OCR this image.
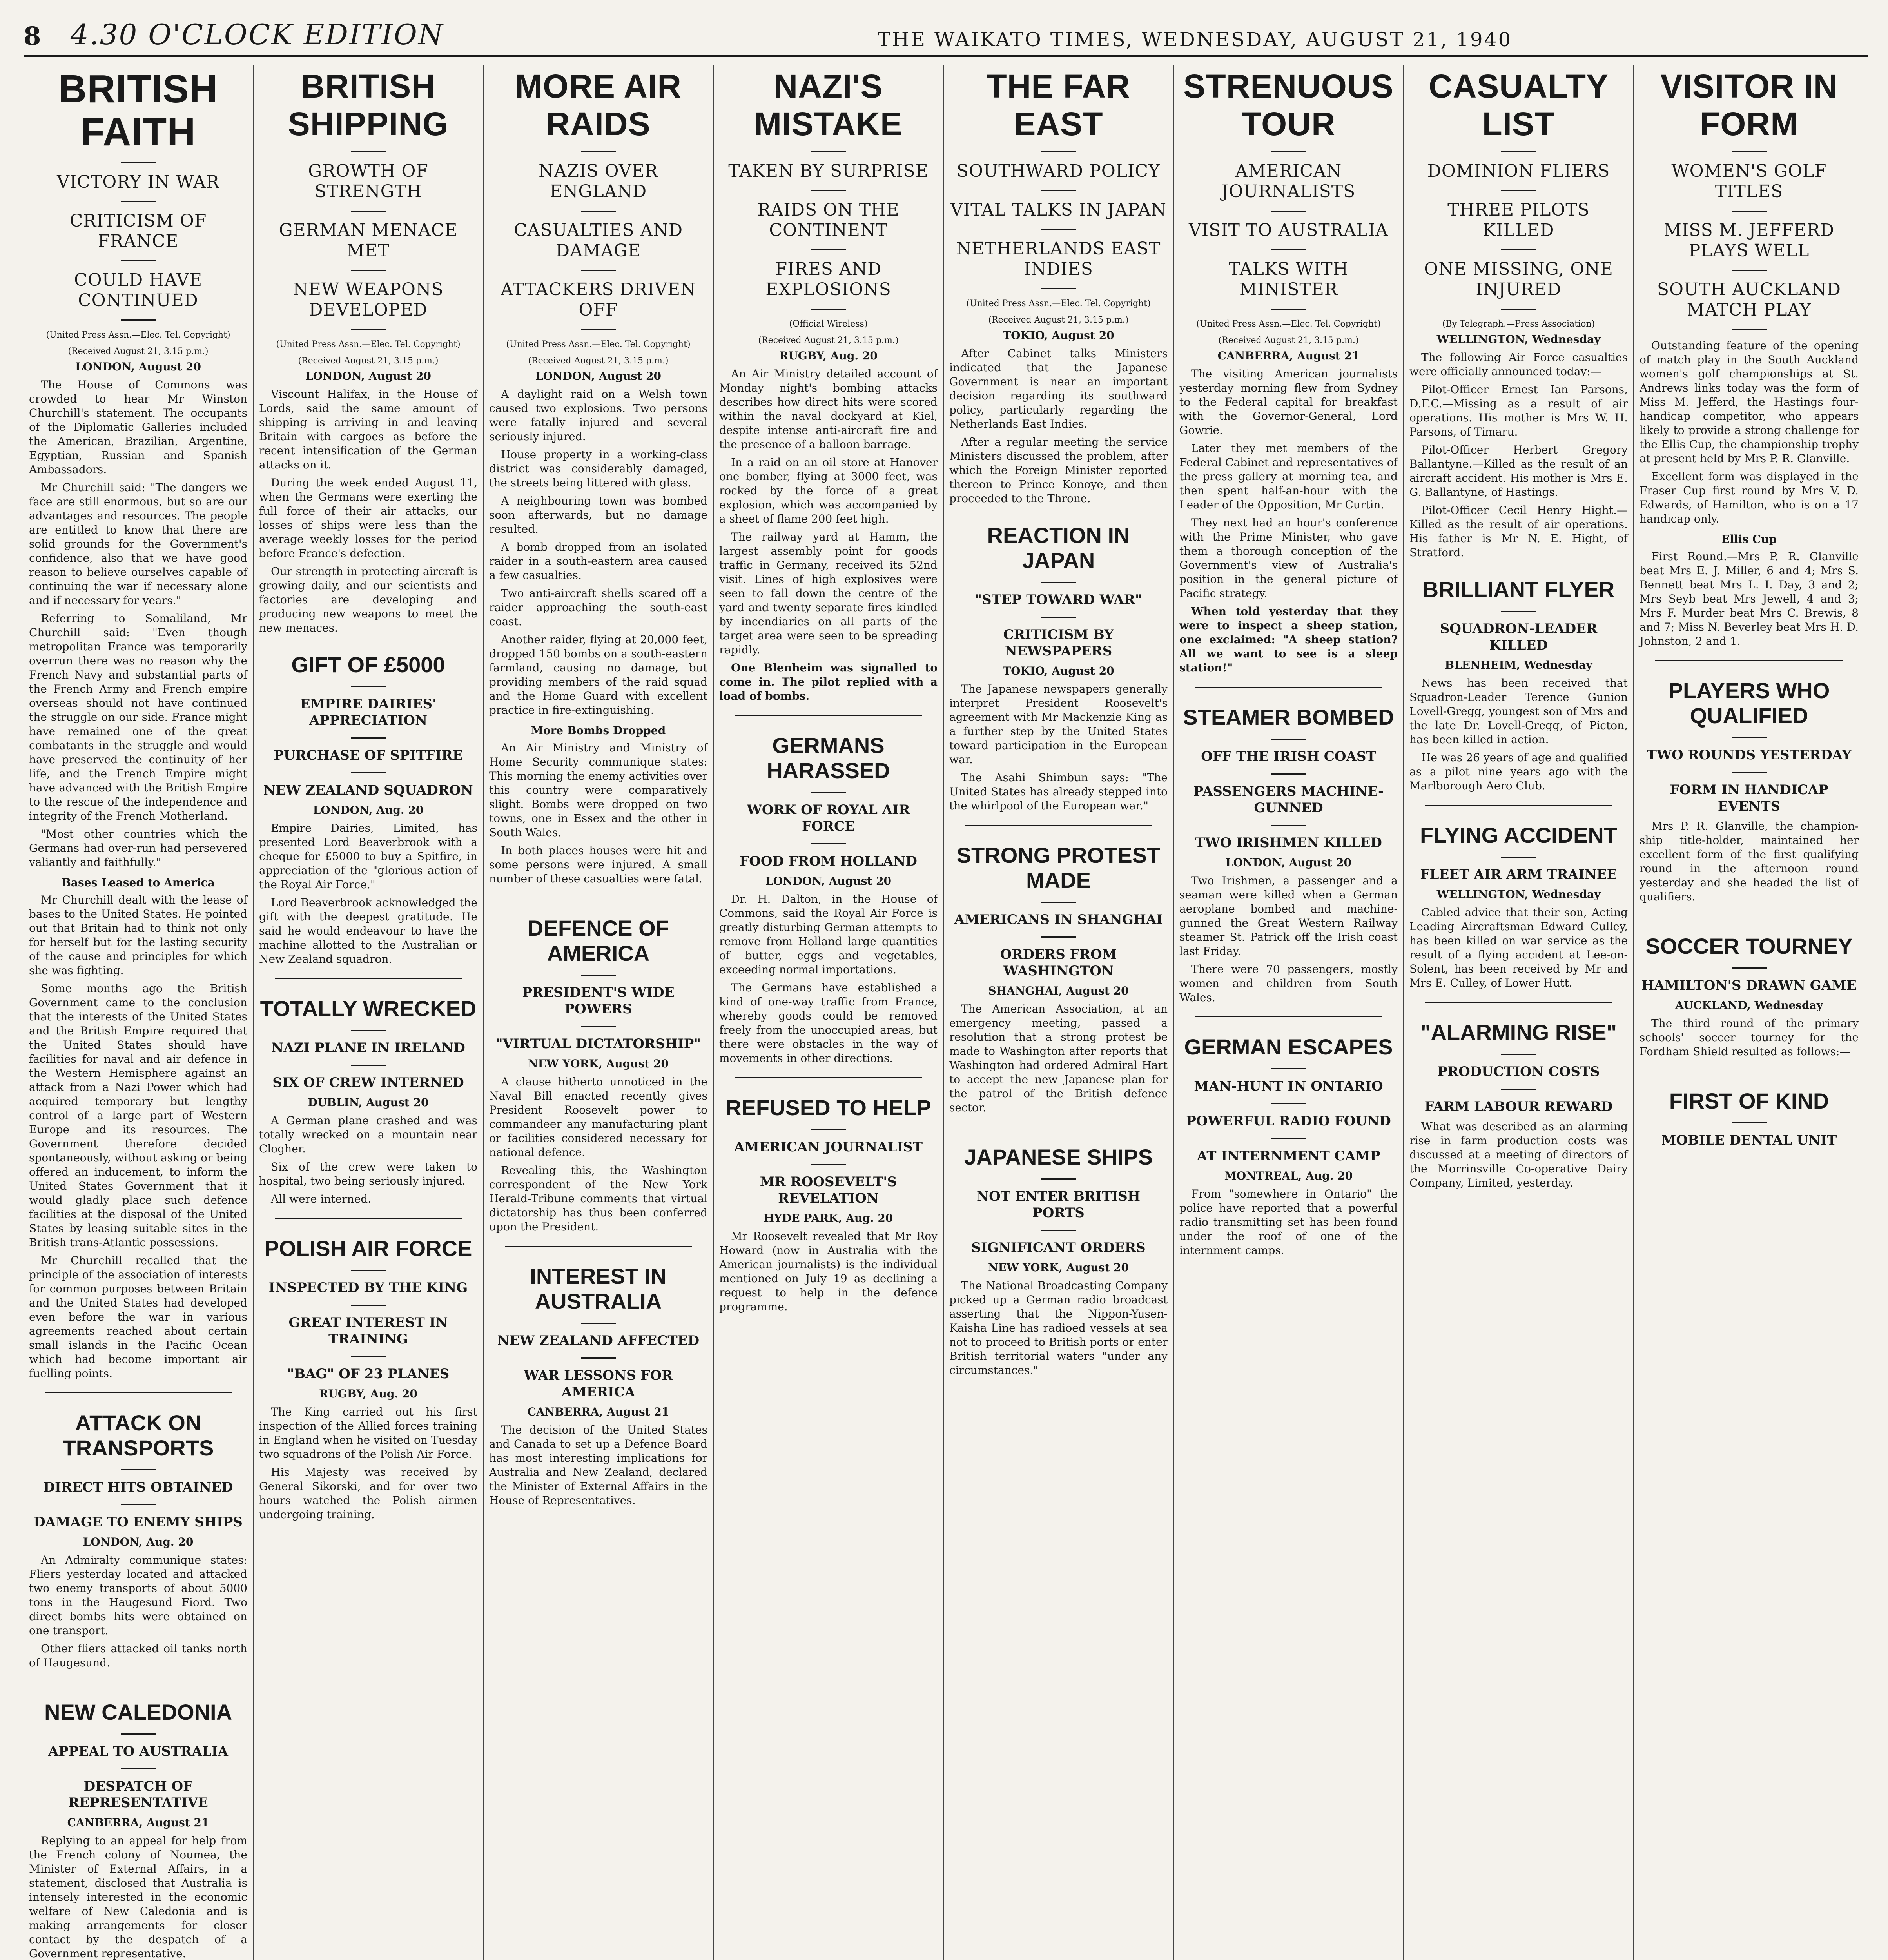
8	4.30 O'CLOCK EDITION	THE WAIKATO TIMES, WEDNESDAY, AUGUST 21, 1940
BRITISH FAITH
VICTORY IN WAR
CRITICISM OF FRANCE
COULD HAVE CONTINUED
(United Press Assn.—Elec. Tel. Copyright)
(Received August 21, 3.15 p.m.)
LONDON, August 20

The House of Commons was crowded to hear Mr Winston Churchill's statement. The occupants of the Diplomatic Galleries included the American, Brazilian, Argentine, Egyptian, Russian and Spanish Ambassadors.

Mr Churchill said: "The dangers we face are still enormous, but so are our advantages and resources. The people are entitled to know that there are solid grounds for the Government's confidence, also that we have good reason to believe ourselves capable of continuing the war if necessary alone and if necessary for years."

Referring to Somaliland, Mr Churchill said: "Even though metropolitan France was temporarily overrun there was no reason why the French Navy and substantial parts of the French Army and French empire overseas should not have continued the struggle on our side. France might have remained one of the great combatants in the struggle and would have preserved the continuity of her life, and the French Empire might have advanced with the British Empire to the rescue of the independence and integrity of the French Motherland.

"Most other countries which the Germans had over-run had persevered valiantly and faithfully."

Bases Leased to America

Mr Churchill dealt with the lease of bases to the United States. He pointed out that Britain had to think not only for herself but for the lasting security of the cause and principles for which she was fighting.

Some months ago the British Government came to the conclusion that the interests of the United States and the British Empire required that the United States should have facilities for naval and air defence in the Western Hemisphere against an attack from a Nazi Power which had acquired temporary but lengthy control of a large part of Western Europe and its resources. The Government therefore decided spontaneously, without asking or being offered an inducement, to inform the United States Government that it would gladly place such defence facilities at the disposal of the United States by leasing suitable sites in the British trans-Atlantic possessions.

Mr Churchill recalled that the principle of the association of interests for common purposes between Britain and the United States had developed even before the war in various agreements reached about certain small islands in the Pacific Ocean which had become important air fuelling points.

ATTACK ON TRANSPORTS
DIRECT HITS OBTAINED
DAMAGE TO ENEMY SHIPS
LONDON, Aug. 20

An Admiralty communique states: Fliers yesterday located and attacked two enemy transports of about 5000 tons in the Haugesund Fiord. Two direct bombs hits were obtained on one transport.

Other fliers attacked oil tanks north of Haugesund.

NEW CALEDONIA
APPEAL TO AUSTRALIA
DESPATCH OF REPRESENTATIVE
CANBERRA, August 21

Replying to an appeal for help from the French colony of Noumea, the Minister of External Affairs, in a statement, disclosed that Australia is intensely interested in the economic welfare of New Caledonia and is making arrangements for closer contact by the despatch of a Government representative.

BRITISH SHIPPING
GROWTH OF STRENGTH
GERMAN MENACE MET
NEW WEAPONS DEVELOPED
(United Press Assn.—Elec. Tel. Copyright)
(Received August 21, 3.15 p.m.)
LONDON, August 20

Viscount Halifax, in the House of Lords, said the same amount of shipping is arriving in and leaving Britain with cargoes as before the recent intensification of the German attacks on it.

During the week ended August 11, when the Germans were exerting the full force of their air attacks, our losses of ships were less than the average weekly losses for the period before France's defection.

Our strength in protecting aircraft is growing daily, and our scientists and factories are developing and producing new weapons to meet the new menaces.

GIFT OF £5000
EMPIRE DAIRIES' APPRECIATION
PURCHASE OF SPITFIRE
NEW ZEALAND SQUADRON
LONDON, Aug. 20

Empire Dairies, Limited, has presented Lord Beaverbrook with a cheque for £5000 to buy a Spitfire, in appreciation of the "glorious action of the Royal Air Force."

Lord Beaverbrook acknowledged the gift with the deepest gratitude. He said he would endeavour to have the machine allotted to the Australian or New Zealand squadron.

TOTALLY WRECKED
NAZI PLANE IN IRELAND
SIX OF CREW INTERNED
DUBLIN, August 20

A German plane crashed and was totally wrecked on a mountain near Clogher.

Six of the crew were taken to hospital, two being seriously injured.

All were interned.

POLISH AIR FORCE
INSPECTED BY THE KING
GREAT INTEREST IN TRAINING
"BAG" OF 23 PLANES
RUGBY, Aug. 20

The King carried out his first inspection of the Allied forces training in England when he visited on Tuesday two squadrons of the Polish Air Force.

His Majesty was received by General Sikorski, and for over two hours watched the Polish airmen undergoing training.

MORE AIR RAIDS
NAZIS OVER ENGLAND
CASUALTIES AND DAMAGE
ATTACKERS DRIVEN OFF
(United Press Assn.—Elec. Tel. Copyright)
(Received August 21, 3.15 p.m.)
LONDON, August 20

A daylight raid on a Welsh town caused two explosions. Two persons were fatally injured and several seriously injured.

House property in a working-class district was considerably damaged, the streets being littered with glass.

A neighbouring town was bombed soon afterwards, but no damage resulted.

A bomb dropped from an isolated raider in a south-eastern area caused a few casualties.

Two anti-aircraft shells scared off a raider approaching the south-east coast.

Another raider, flying at 20,000 feet, dropped 150 bombs on a south-eastern farmland, causing no damage, but providing members of the raid squad and the Home Guard with excellent practice in fire-extinguishing.

More Bombs Dropped

An Air Ministry and Ministry of Home Security communique states: This morning the enemy activities over this country were comparatively slight. Bombs were dropped on two towns, one in Essex and the other in South Wales.

In both places houses were hit and some persons were injured. A small number of these casualties were fatal.

DEFENCE OF AMERICA
PRESIDENT'S WIDE POWERS
"VIRTUAL DICTATORSHIP"
NEW YORK, August 20

A clause hitherto unnoticed in the Naval Bill enacted recently gives President Roosevelt power to commandeer any manufacturing plant or facilities considered necessary for national defence.

Revealing this, the Washington correspondent of the New York Herald-Tribune comments that virtual dictatorship has thus been conferred upon the President.

INTEREST IN AUSTRALIA
NEW ZEALAND AFFECTED
WAR LESSONS FOR AMERICA
CANBERRA, August 21

The decision of the United States and Canada to set up a Defence Board has most interesting implications for Australia and New Zealand, declared the Minister of External Affairs in the House of Representatives.

NAZI'S MISTAKE
TAKEN BY SURPRISE
RAIDS ON THE CONTINENT
FIRES AND EXPLOSIONS
(Official Wireless)
(Received August 21, 3.15 p.m.)
RUGBY, Aug. 20

An Air Ministry detailed account of Monday night's bombing attacks describes how direct hits were scored within the naval dockyard at Kiel, despite intense anti-aircraft fire and the presence of a balloon barrage.

In a raid on an oil store at Hanover one bomber, flying at 3000 feet, was rocked by the force of a great explosion, which was accompanied by a sheet of flame 200 feet high.

The railway yard at Hamm, the largest assembly point for goods traffic in Germany, received its 52nd visit. Lines of high explosives were seen to fall down the centre of the yard and twenty separate fires kindled by incendiaries on all parts of the target area were seen to be spreading rapidly.

One Blenheim was signalled to come in. The pilot replied with a load of bombs.
GERMANS HARASSED
WORK OF ROYAL AIR FORCE
FOOD FROM HOLLAND
LONDON, August 20

Dr. H. Dalton, in the House of Commons, said the Royal Air Force is greatly disturbing German attempts to remove from Holland large quantities of butter, eggs and vegetables, exceeding normal importations.

The Germans have established a kind of one-way traffic from France, whereby goods could be removed freely from the unoccupied areas, but there were obstacles in the way of movements in other directions.

REFUSED TO HELP
AMERICAN JOURNALIST
MR ROOSEVELT'S REVELATION
HYDE PARK, Aug. 20

Mr Roosevelt revealed that Mr Roy Howard (now in Australia with the American journalists) is the individual mentioned on July 19 as declining a request to help in the defence programme.

THE FAR EAST
SOUTHWARD POLICY
VITAL TALKS IN JAPAN
NETHERLANDS EAST INDIES
(United Press Assn.—Elec. Tel. Copyright)
(Received August 21, 3.15 p.m.)
TOKIO, August 20

After Cabinet talks Ministers indicated that the Japanese Government is near an important decision regarding its southward policy, particularly regarding the Netherlands East Indies.

After a regular meeting the service Ministers discussed the problem, after which the Foreign Minister reported thereon to Prince Konoye, and then proceeded to the Throne.

REACTION IN JAPAN
"STEP TOWARD WAR"
CRITICISM BY NEWSPAPERS
TOKIO, August 20

The Japanese newspapers generally interpret President Roosevelt's agreement with Mr Mackenzie King as a further step by the United States toward participation in the European war.

The Asahi Shimbun says: "The United States has already stepped into the whirlpool of the European war."

STRONG PROTEST MADE
AMERICANS IN SHANGHAI
ORDERS FROM WASHINGTON
SHANGHAI, August 20

The American Association, at an emergency meeting, passed a resolution that a strong protest be made to Washington after reports that Washington had ordered Admiral Hart to accept the new Japanese plan for the patrol of the British defence sector.

JAPANESE SHIPS
NOT ENTER BRITISH PORTS
SIGNIFICANT ORDERS
NEW YORK, August 20

The National Broadcasting Company picked up a German radio broadcast asserting that the Nippon-Yusen-Kaisha Line has radioed vessels at sea not to proceed to British ports or enter British territorial waters "under any circumstances."

STRENUOUS TOUR
AMERICAN JOURNALISTS
VISIT TO AUSTRALIA
TALKS WITH MINISTER
(United Press Assn.—Elec. Tel. Copyright)
(Received August 21, 3.15 p.m.)
CANBERRA, August 21

The visiting American journalists yesterday morning flew from Sydney to the Federal capital for breakfast with the Governor-General, Lord Gowrie.

Later they met members of the Federal Cabinet and representatives of the press gallery at morning tea, and then spent half-an-hour with the Leader of the Opposition, Mr Curtin.

They next had an hour's conference with the Prime Minister, who gave them a thorough conception of the Government's view of Australia's position in the general picture of Pacific strategy.

When told yesterday that they were to inspect a sheep station, one exclaimed: "A sheep station? All we want to see is a sleep station!"
STEAMER BOMBED
OFF THE IRISH COAST
PASSENGERS MACHINE-GUNNED
TWO IRISHMEN KILLED
LONDON, August 20

Two Irishmen, a passenger and a seaman were killed when a German aeroplane bombed and machine-gunned the Great Western Railway steamer St. Patrick off the Irish coast last Friday.

There were 70 passengers, mostly women and children from South Wales.

GERMAN ESCAPES
MAN-HUNT IN ONTARIO
POWERFUL RADIO FOUND
AT INTERNMENT CAMP
MONTREAL, Aug. 20

From "somewhere in Ontario" the police have reported that a powerful radio transmitting set has been found under the roof of one of the internment camps.

CASUALTY LIST
DOMINION FLIERS
THREE PILOTS KILLED
ONE MISSING, ONE INJURED
(By Telegraph.—Press Association)
WELLINGTON, Wednesday

The following Air Force casualties were officially announced today:—

Pilot-Officer Ernest Ian Parsons, D.F.C.—Missing as a result of air operations. His mother is Mrs W. H. Parsons, of Timaru.

Pilot-Officer Herbert Gregory Ballantyne.—Killed as the result of an aircraft accident. His mother is Mrs E. G. Ballantyne, of Hastings.

Pilot-Officer Cecil Henry Hight.—Killed as the result of air operations. His father is Mr N. E. Hight, of Stratford.

BRILLIANT FLYER
SQUADRON-LEADER KILLED
BLENHEIM, Wednesday

News has been received that Squadron-Leader Terence Gunion Lovell-Gregg, youngest son of Mrs and the late Dr. Lovell-Gregg, of Picton, has been killed in action.

He was 26 years of age and qualified as a pilot nine years ago with the Marlborough Aero Club.

FLYING ACCIDENT
FLEET AIR ARM TRAINEE
WELLINGTON, Wednesday

Cabled advice that their son, Acting Leading Aircraftsman Edward Culley, has been killed on war service as the result of a flying accident at Lee-on-Solent, has been received by Mr and Mrs E. Culley, of Lower Hutt.

"ALARMING RISE"
PRODUCTION COSTS
FARM LABOUR REWARD

What was described as an alarming rise in farm production costs was discussed at a meeting of directors of the Morrinsville Co-operative Dairy Company, Limited, yesterday.

VISITOR IN FORM
WOMEN'S GOLF TITLES
MISS M. JEFFERD PLAYS WELL
SOUTH AUCKLAND MATCH PLAY

Outstanding feature of the opening of match play in the South Auckland women's golf championships at St. Andrews links today was the form of Miss M. Jefferd, the Hastings four-handicap competitor, who appears likely to provide a strong challenge for the Ellis Cup, the championship trophy at present held by Mrs P. R. Glanville.

Excellent form was displayed in the Fraser Cup first round by Mrs V. D. Edwards, of Hamilton, who is on a 17 handicap only.

Ellis Cup

First Round.—Mrs P. R. Glanville beat Mrs E. J. Miller, 6 and 4; Mrs S. Bennett beat Mrs L. I. Day, 3 and 2; Mrs Seyb beat Mrs Jewell, 4 and 3; Mrs F. Murder beat Mrs C. Brewis, 8 and 7; Miss N. Beverley beat Mrs H. D. Johnston, 2 and 1.

PLAYERS WHO QUALIFIED
TWO ROUNDS YESTERDAY
FORM IN HANDICAP EVENTS

Mrs P. R. Glanville, the champion-ship title-holder, maintained her excellent form of the first qualifying round in the afternoon round yesterday and she headed the list of qualifiers.

SOCCER TOURNEY
HAMILTON'S DRAWN GAME
AUCKLAND, Wednesday

The third round of the primary schools' soccer tourney for the Fordham Shield resulted as follows:—

FIRST OF KIND
MOBILE DENTAL UNIT
